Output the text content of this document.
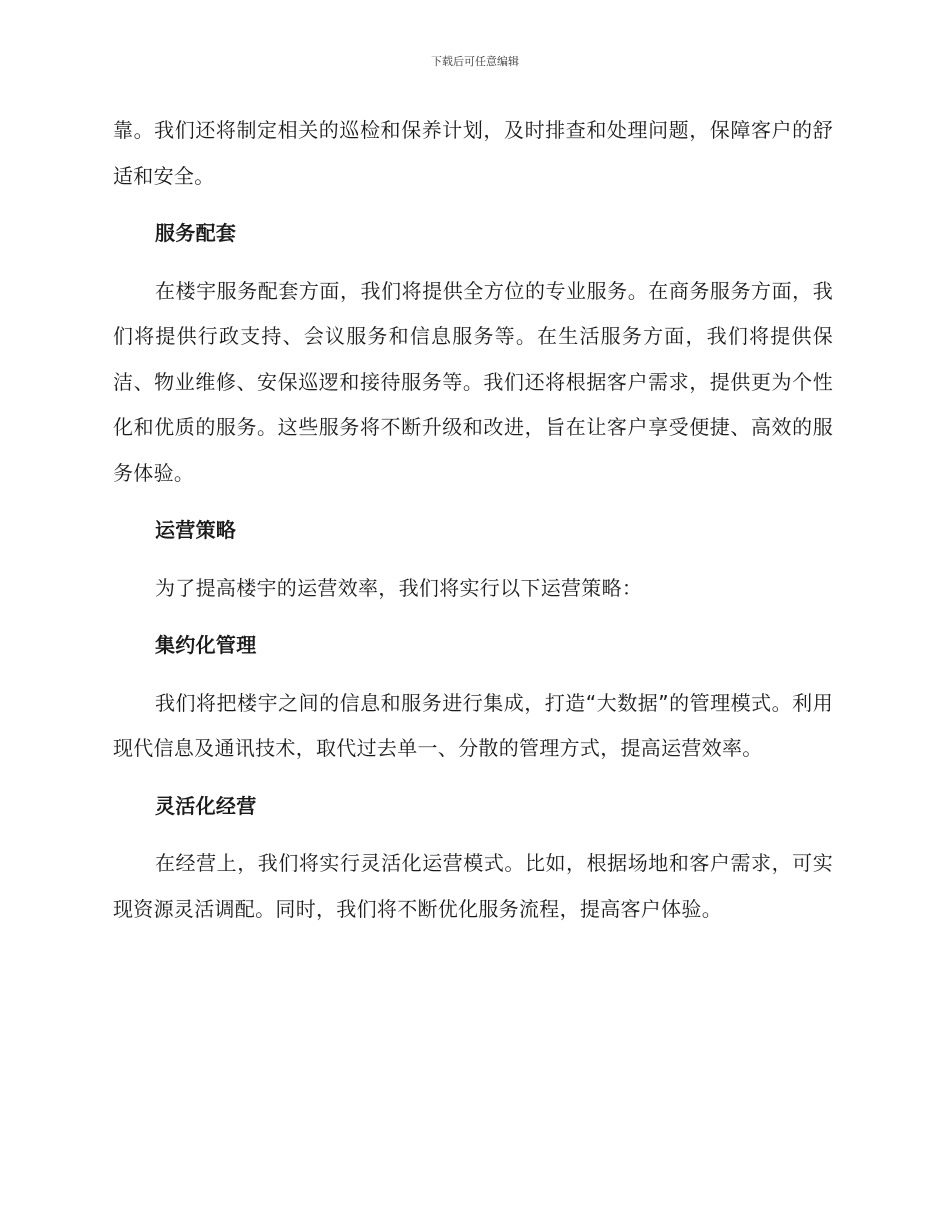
下载后可任意编辑

靠。我们还将制定相关的巡检和保养计划，及时排查和处理问题，保障客户的舒适和安全。

服务配套

在楼宇服务配套方面，我们将提供全方位的专业服务。在商务服务方面，我们将提供行政支持、会议服务和信息服务等。在生活服务方面，我们将提供保洁、物业维修、安保巡逻和接待服务等。我们还将根据客户需求，提供更为个性化和优质的服务。这些服务将不断升级和改进，旨在让客户享受便捷、高效的服务体验。

运营策略

为了提高楼宇的运营效率，我们将实行以下运营策略：

集约化管理

我们将把楼宇之间的信息和服务进行集成，打造“大数据”的管理模式。利用现代信息及通讯技术，取代过去单一、分散的管理方式，提高运营效率。

灵活化经营

在经营上，我们将实行灵活化运营模式。比如，根据场地和客户需求，可实现资源灵活调配。同时，我们将不断优化服务流程，提高客户体验。
